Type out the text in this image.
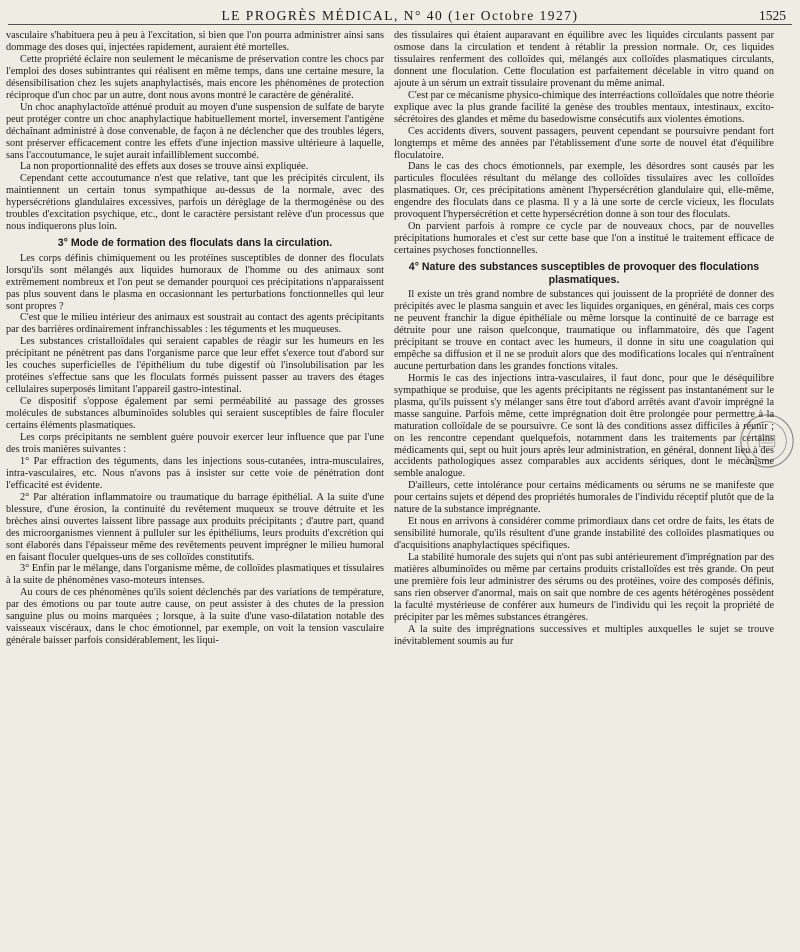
LE PROGRÈS MÉDICAL, N° 40 (1er Octobre 1927)	1525

vasculaire s'habituera peu à peu à l'excitation, si bien que l'on pourra administrer ainsi sans dommage des doses qui, injectées rapidement, auraient été mortelles.

Cette propriété éclaire non seulement le mécanisme de préservation contre les chocs par l'emploi des doses subintrantes qui réalisent en même temps, dans une certaine mesure, la désensibilisation chez les sujets anaphylactisés, mais encore les phénomènes de protection réciproque d'un choc par un autre, dont nous avons montré le caractère de généralité.

Un choc anaphylactoïde atténué produit au moyen d'une suspension de sulfate de baryte peut protéger contre un choc anaphylactique habituellement mortel, inversement l'antigène déchaînant administré à dose convenable, de façon à ne déclencher que des troubles légers, sont préserver efficacement contre les effets d'une injection massive ultérieure à laquelle, sans l'accoutumance, le sujet aurait infailliblement succombé.

La non proportionnalité des effets aux doses se trouve ainsi expliquée.

Cependant cette accoutumance n'est que relative, tant que les précipités circulent, ils maintiennent un certain tonus sympathique au-dessus de la normale, avec des hypersécrétions glandulaires excessives, parfois un dérèglage de la thermogénèse ou des troubles d'excitation psychique, etc., dont le caractère persistant relève d'un processus que nous indiquerons plus loin.

3° Mode de formation des floculats dans la circulation.

Les corps définis chimiquement ou les protéines susceptibles de donner des floculats lorsqu'ils sont mélangés aux liquides humoraux de l'homme ou des animaux sont extrêmement nombreux et l'on peut se demander pourquoi ces précipitations n'apparaissent pas plus souvent dans le plasma en occasionnant les perturbations fonctionnelles qui leur sont propres ?

C'est que le milieu intérieur des animaux est soustrait au contact des agents précipitants par des barrières ordinairement infranchissables : les téguments et les muqueuses.

Les substances cristalloïdales qui seraient capables de réagir sur les humeurs en les précipitant ne pénètrent pas dans l'organisme parce que leur effet s'exerce tout d'abord sur les couches superficielles de l'épithélium du tube digestif où l'insolubilisation par les protéines s'effectue sans que les floculats formés puissent passer au travers des étages cellulaires superposés limitant l'appareil gastro-intestinal.

Ce dispositif s'oppose également par semi perméabilité au passage des grosses molécules de substances albuminoïdes solubles qui seraient susceptibles de faire floculer certains éléments plasmatiques.

Les corps précipitants ne semblent guère pouvoir exercer leur influence que par l'une des trois manières suivantes :

1° Par effraction des téguments, dans les injections sous-cutanées, intra-musculaires, intra-vasculaires, etc. Nous n'avons pas à insister sur cette voie de pénétration dont l'efficacité est évidente.

2° Par altération inflammatoire ou traumatique du barrage épithélial. A la suite d'une blessure, d'une érosion, la continuité du revêtement muqueux se trouve détruite et les brèches ainsi ouvertes laissent libre passage aux produits précipitants ; d'autre part, quand des microorganismes viennent à pulluler sur les épithéliums, leurs produits d'excrétion qui sont élaborés dans l'épaisseur même des revêtements peuvent imprégner le milieu humoral en faisant floculer quelques-uns de ses colloïdes constitutifs.

3° Enfin par le mélange, dans l'organisme même, de colloïdes plasmatiques et tissulaires à la suite de phénomènes vaso-moteurs intenses.

Au cours de ces phénomènes qu'ils soient déclenchés par des variations de température, par des émotions ou par toute autre cause, on peut assister à des chutes de la pression sanguine plus ou moins marquées ; lorsque, à la suite d'une vaso-dilatation notable des vaisseaux viscéraux, dans le choc émotionnel, par exemple, on voit la tension vasculaire générale baisser parfois considérablement, les liqui-

des tissulaires qui étaient auparavant en équilibre avec les liquides circulants passent par osmose dans la circulation et tendent à rétablir la pression normale. Or, ces liquides tissulaires renferment des colloïdes qui, mélangés aux colloïdes plasmatiques circulants, donnent une floculation. Cette floculation est parfaitement décelable in vitro quand on ajoute à un sérum un extrait tissulaire provenant du même animal.

C'est par ce mécanisme physico-chimique des interréactions colloïdales que notre théorie explique avec la plus grande facilité la genèse des troubles mentaux, intestinaux, excito-sécrétoires des glandes et même du basedowisme consécutifs aux violentes émotions.

Ces accidents divers, souvent passagers, peuvent cependant se poursuivre pendant fort longtemps et même des années par l'établissement d'une sorte de nouvel état d'équilibre floculatoire.

Dans le cas des chocs émotionnels, par exemple, les désordres sont causés par les particules floculées résultant du mélange des colloïdes tissulaires avec les colloïdes plasmatiques. Or, ces précipitations amènent l'hypersécrétion glandulaire qui, elle-même, engendre des floculats dans ce plasma. Il y a là une sorte de cercle vicieux, les floculats provoquent l'hypersécrétion et cette hypersécrétion donne à son tour des floculats.

On parvient parfois à rompre ce cycle par de nouveaux chocs, par de nouvelles précipitations humorales et c'est sur cette base que l'on a institué le traitement efficace de certaines psychoses fonctionnelles.

4° Nature des substances susceptibles de provoquer des floculations plasmatiques.

Il existe un très grand nombre de substances qui jouissent de la propriété de donner des précipités avec le plasma sanguin et avec les liquides organiques, en général, mais ces corps ne peuvent franchir la digue épithéliale ou même lorsque la continuité de ce barrage est détruite pour une raison quelconque, traumatique ou inflammatoire, dès que l'agent précipitant se trouve en contact avec les humeurs, il donne in situ une coagulation qui empêche sa diffusion et il ne se produit alors que des modifications locales qui n'entraînent aucune perturbation dans les grandes fonctions vitales.

Hormis le cas des injections intra-vasculaires, il faut donc, pour que le déséquilibre sympathique se produise, que les agents précipitants ne régissent pas instantanément sur le plasma, qu'ils puissent s'y mélanger sans être tout d'abord arrêtés avant d'avoir imprégné la masse sanguine. Parfois même, cette imprégnation doit être prolongée pour permettre à la maturation colloïdale de se poursuivre. Ce sont là des conditions assez difficiles à réunir ; on les rencontre cependant quelquefois, notamment dans les traitements par certains médicaments qui, sept ou huit jours après leur administration, en général, donnent lieu à des accidents pathologiques assez comparables aux accidents sériques, dont le mécanisme semble analogue.

D'ailleurs, cette intolérance pour certains médicaments ou sérums ne se manifeste que pour certains sujets et dépend des propriétés humorales de l'individu réceptif plutôt que de la nature de la substance imprégnante.

Et nous en arrivons à considérer comme primordiaux dans cet ordre de faits, les états de sensibilité humorale, qu'ils résultent d'une grande instabilité des colloïdes plasmatiques ou d'acquisitions anaphylactiques spécifiques.

La stabilité humorale des sujets qui n'ont pas subi antérieurement d'imprégnation par des matières albuminoïdes ou même par certains produits cristalloïdes est très grande. On peut une première fois leur administrer des sérums ou des protéines, voire des composés définis, sans rien observer d'anormal, mais on sait que nombre de ces agents hétérogènes possèdent la faculté mystérieuse de conférer aux humeurs de l'individu qui les reçoit la propriété de précipiter par les mêmes substances étrangères.

A la suite des imprégnations successives et multiples auxquelles le sujet se trouve inévitablement soumis au fur
